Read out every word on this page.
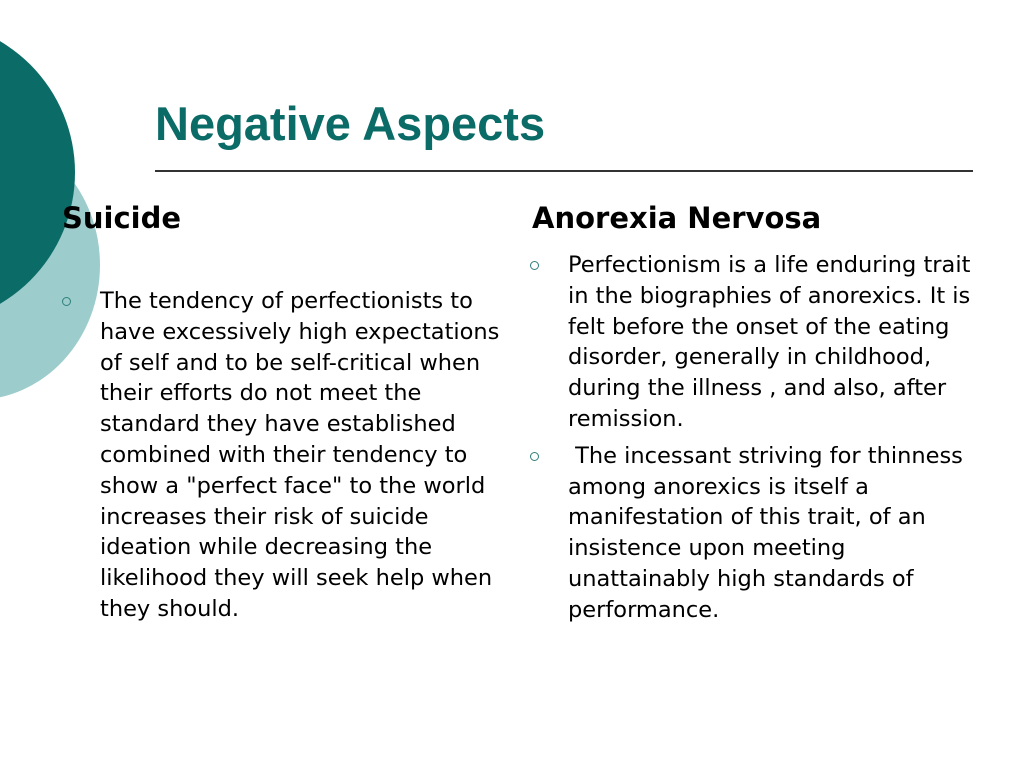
Negative Aspects
Suicide
The tendency of perfectionists to have excessively high expectations of self and to be self-critical when their efforts do not meet the standard they have established combined with their tendency to show a "perfect face" to the world increases their risk of suicide ideation while decreasing the likelihood they will seek help when they should.
Anorexia Nervosa
Perfectionism is a life enduring trait in the biographies of anorexics. It is felt before the onset of the eating disorder, generally in childhood, during the illness , and also, after remission.
The incessant striving for thinness among anorexics is itself a manifestation of this trait, of an insistence upon meeting unattainably high standards of performance.
